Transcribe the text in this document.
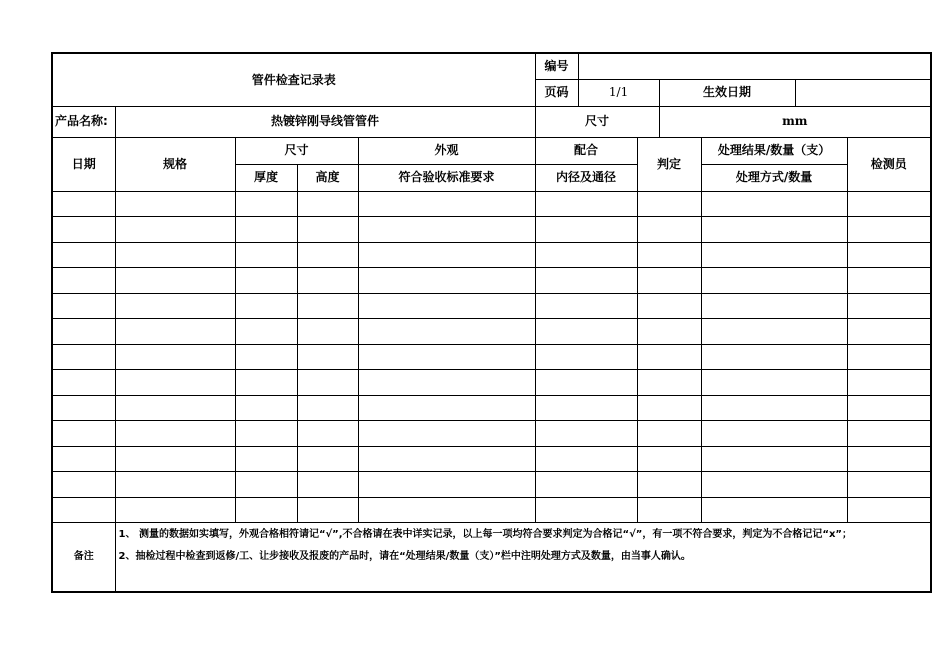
管件检查记录表					编号						
					页码	1/1		生效日期			
产品名称:	热镀锌刚导线管管件				尺寸			mm			
日期	规格	尺寸		外观	配合		判定		处理结果/数量（支）		检测员
		厚度	高度	符合验收标准要求	内径及通径				处理方式/数量		

备注	1、 测量的数据如实填写，外观合格相符请记“√”,不合格请在表中详实记录，以上每一项均符合要求判定为合格记“√”，有一项不符合要求，判定为不合格记记“x”；
2、抽检过程中检查到返修/工、让步接收及报废的产品时，请在“处理结果/数量（支）”栏中注明处理方式及数量，由当事人确认。										
